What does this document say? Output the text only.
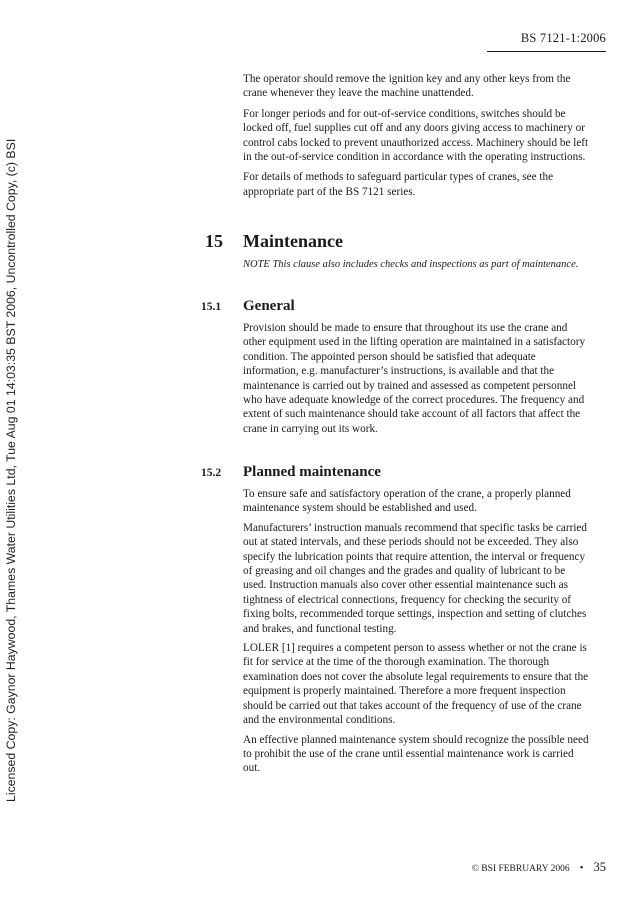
BS 7121-1:2006
Licensed Copy: Gaynor Haywood, Thames Water Utilities Ltd, Tue Aug 01 14:03:35 BST 2006, Uncontrolled Copy, (c) BSI

The operator should remove the ignition key and any other keys from the crane whenever they leave the machine unattended.

For longer periods and for out-of-service conditions, switches should be locked off, fuel supplies cut off and any doors giving access to machinery or control cabs locked to prevent unauthorized access. Machinery should be left in the out-of-service condition in accordance with the operating instructions.

For details of methods to safeguard particular types of cranes, see the appropriate part of the BS 7121 series.

15 Maintenance
NOTE This clause also includes checks and inspections as part of maintenance.
15.1 General

Provision should be made to ensure that throughout its use the crane and other equipment used in the lifting operation are maintained in a satisfactory condition. The appointed person should be satisfied that adequate information, e.g. manufacturer’s instructions, is available and that the maintenance is carried out by trained and assessed as competent personnel who have adequate knowledge of the correct procedures. The frequency and extent of such maintenance should take account of all factors that affect the crane in carrying out its work.

15.2 Planned maintenance

To ensure safe and satisfactory operation of the crane, a properly planned maintenance system should be established and used.

Manufacturers’ instruction manuals recommend that specific tasks be carried out at stated intervals, and these periods should not be exceeded. They also specify the lubrication points that require attention, the interval or frequency of greasing and oil changes and the grades and quality of lubricant to be used. Instruction manuals also cover other essential maintenance such as tightness of electrical connections, frequency for checking the security of fixing bolts, recommended torque settings, inspection and setting of clutches and brakes, and functional testing.

LOLER [1] requires a competent person to assess whether or not the crane is fit for service at the time of the thorough examination. The thorough examination does not cover the absolute legal requirements to ensure that the equipment is properly maintained. Therefore a more frequent inspection should be carried out that takes account of the frequency of use of the crane and the environmental conditions.

An effective planned maintenance system should recognize the possible need to prohibit the use of the crane until essential maintenance work is carried out.

© BSI FEBRUARY 2006 • 35
